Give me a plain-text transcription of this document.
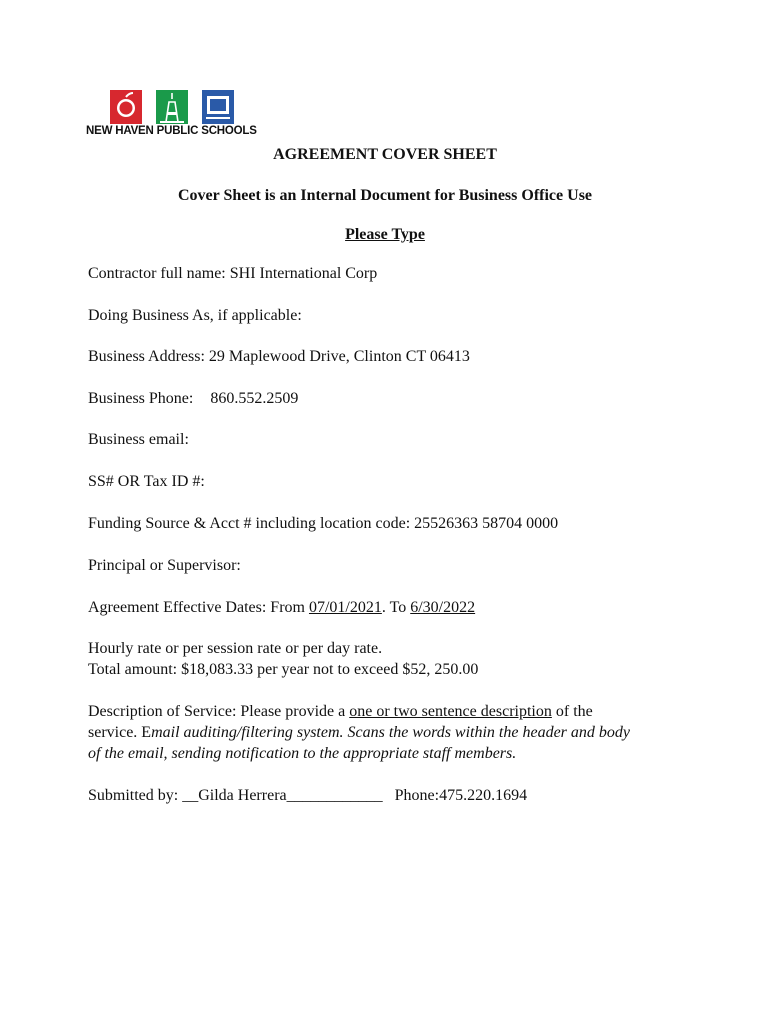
NEW HAVEN PUBLIC SCHOOLS
AGREEMENT COVER SHEET
Cover Sheet is an Internal Document for Business Office Use
Please Type
Contractor full name: SHI International Corp
Doing Business As, if applicable:
Business Address: 29 Maplewood Drive, Clinton CT 06413
Business Phone: 860.552.2509
Business email:
SS# OR Tax ID #:
Funding Source & Acct # including location code: 25526363 58704 0000
Principal or Supervisor:
Agreement Effective Dates: From 07/01/2021. To 6/30/2022
Hourly rate or per session rate or per day rate.
Total amount: $18,083.33 per year not to exceed $52, 250.00
Description of Service: Please provide a one or two sentence description of the
service. Email auditing/filtering system. Scans the words within the header and body
of the email, sending notification to the appropriate staff members.
Submitted by: __Gilda Herrera____________ Phone:475.220.1694
